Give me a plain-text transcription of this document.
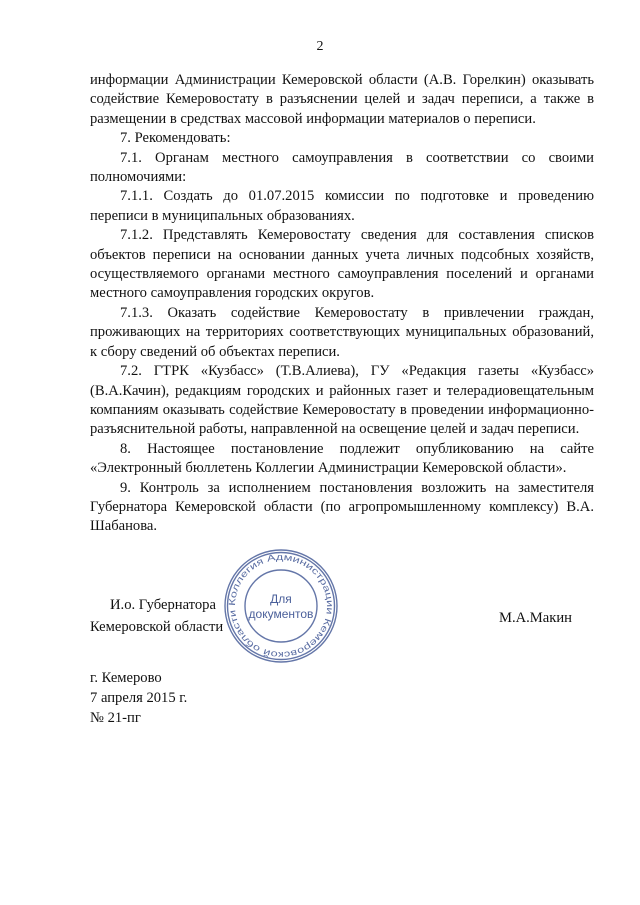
2

информации Администрации Кемеровской области (А.В. Горелкин) оказывать содействие Кемеровостату в разъяснении целей и задач переписи, а также в размещении в средствах массовой информации материалов о переписи.

7. Рекомендовать:

7.1. Органам местного самоуправления в соответствии со своими полномочиями:

7.1.1. Создать до 01.07.2015 комиссии по подготовке и проведению переписи в муниципальных образованиях.

7.1.2. Представлять Кемеровостату сведения для составления списков объектов переписи на основании данных учета личных подсобных хозяйств, осуществляемого органами местного самоуправления поселений и органами местного самоуправления городских округов.

7.1.3. Оказать содействие Кемеровостату в привлечении граждан, проживающих на территориях соответствующих муниципальных образований, к сбору сведений об объектах переписи.

7.2. ГТРК «Кузбасс» (Т.В.Алиева), ГУ «Редакция газеты «Кузбасс» (В.А.Качин), редакциям городских и районных газет и телерадиовещательным компаниям оказывать содействие Кемеровостату в проведении информационно-разъяснительной работы, направленной на освещение целей и задач переписи.

8. Настоящее постановление подлежит опубликованию на сайте «Электронный бюллетень Коллегии Администрации Кемеровской области».

9. Контроль за исполнением постановления возложить на заместителя Губернатора Кемеровской области (по агропромышленному комплексу) В.А. Шабанова.

Коллегия Администрации Кемеровской области
Для
документов
И.о. Губернатора
Кемеровской области
М.А.Макин
г. Кемерово
7 апреля 2015 г.
№ 21-пг
